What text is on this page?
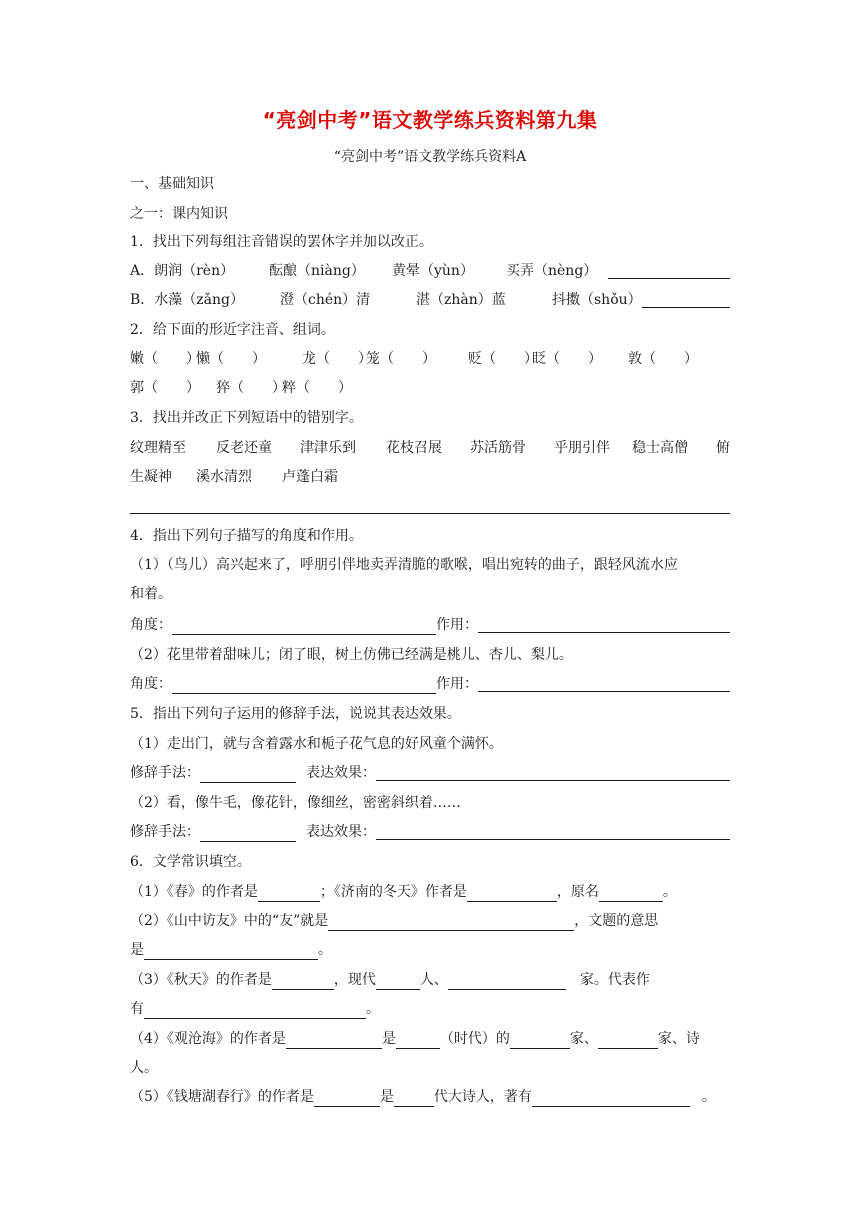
“亮剑中考”语文教学练兵资料第九集
“亮剑中考”语文教学练兵资料A
一、基础知识
之一：课内知识
1．找出下列每组注音错误的罢休字并加以改正。
A．朗润（rèn）	酝酿（niàng）	黄晕（yùn）	买弄（nèng）
B．水藻（zǎng）	澄（chén）清	湛（zhàn）蓝	抖擞（shǒu）
2．给下面的形近字注音、组词。
嫩（　　）懒（　　）	龙（　　）笼（　　） 贬（　　）眨（　　） 敦（　　）
郭（　　） 猝（　　）粹（　　）
3．找出并改正下列短语中的错别字。
纹理精至 反老还童 津津乐到 花枝召展 苏活筋骨 乎朋引伴 稳士高僧 俯
生凝神 溪水清烈 卢蓬白霜
4．指出下列句子描写的角度和作用。
（1）（鸟儿）高兴起来了，呼朋引伴地卖弄清脆的歌喉，唱出宛转的曲子，跟轻风流水应
和着。
角度：	作用：
（2）花里带着甜味儿；闭了眼，树上仿佛已经满是桃儿、杏儿、梨儿。
角度：	作用：
5．指出下列句子运用的修辞手法，说说其表达效果。
（1）走出门，就与含着露水和栀子花气息的好风童个满怀。
修辞手法：	表达效果：
（2）看，像牛毛，像花针，像细丝，密密斜织着……
修辞手法：	表达效果：
6．文学常识填空。
（1）《春》的作者是	；《济南的冬天》作者是	，原名	。
（2）《山中访友》中的“友”就是	，文题的意思
是	。
（3）《秋天》的作者是	，现代	人、	家。代表作
有	。
（4）《观沧海》的作者是	是	（时代）的	家、	家、诗
人。
（5）《钱塘湖春行》的作者是	是	代大诗人，著有	。
